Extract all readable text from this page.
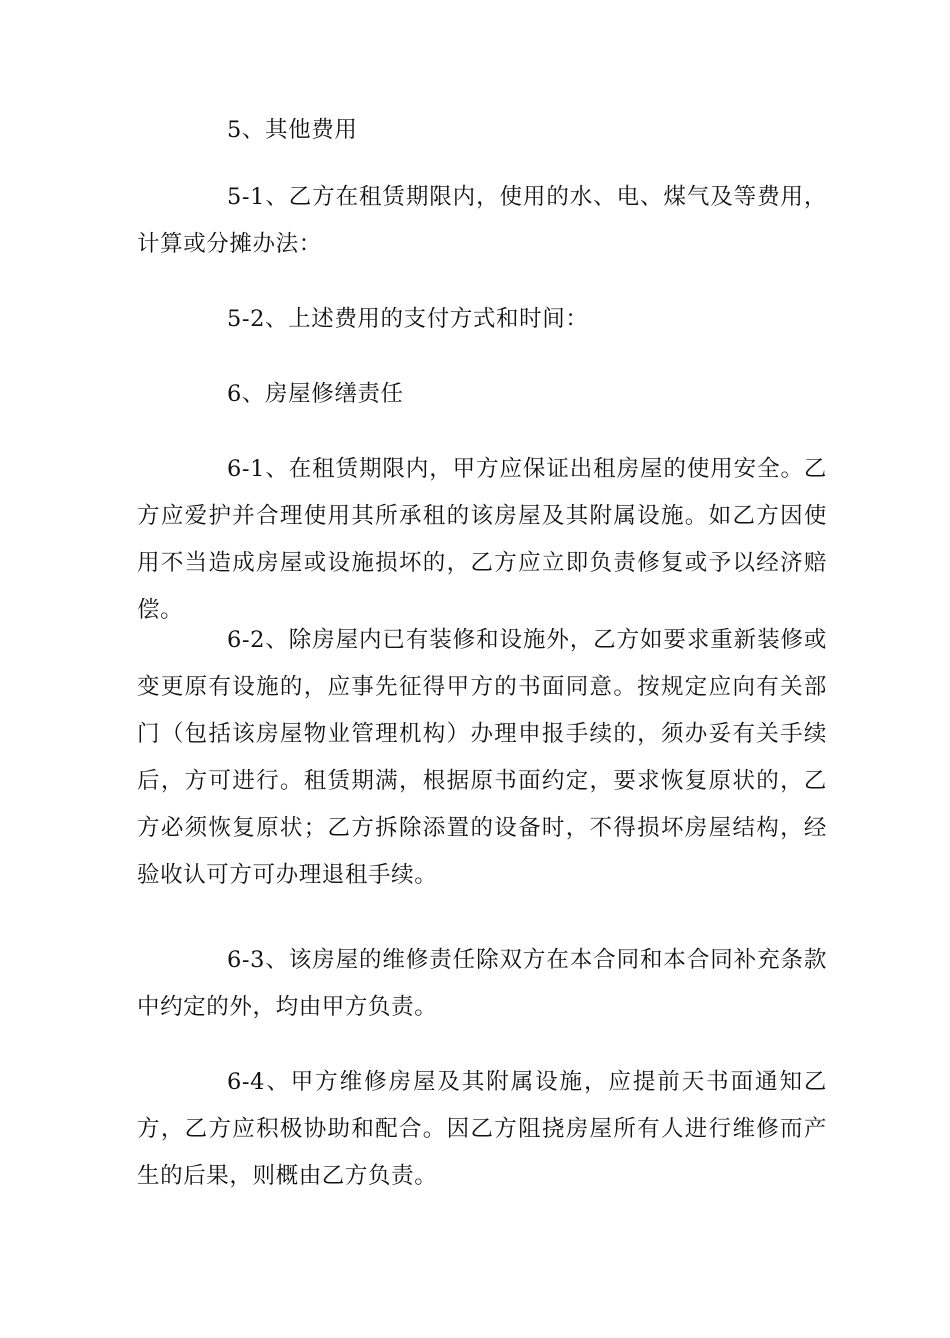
5、其他费用

5-1、乙方在租赁期限内，使用的水、电、煤气及等费用，计算或分摊办法：

5-2、上述费用的支付方式和时间：

6、房屋修缮责任

6-1、在租赁期限内，甲方应保证出租房屋的使用安全。乙方应爱护并合理使用其所承租的该房屋及其附属设施。如乙方因使用不当造成房屋或设施损坏的，乙方应立即负责修复或予以经济赔偿。

6-2、除房屋内已有装修和设施外，乙方如要求重新装修或变更原有设施的，应事先征得甲方的书面同意。按规定应向有关部门（包括该房屋物业管理机构）办理申报手续的，须办妥有关手续后，方可进行。租赁期满，根据原书面约定，要求恢复原状的，乙方必须恢复原状；乙方拆除添置的设备时，不得损坏房屋结构，经验收认可方可办理退租手续。

6-3、该房屋的维修责任除双方在本合同和本合同补充条款中约定的外，均由甲方负责。

6-4、甲方维修房屋及其附属设施，应提前天书面通知乙方，乙方应积极协助和配合。因乙方阻挠房屋所有人进行维修而产生的后果，则概由乙方负责。
